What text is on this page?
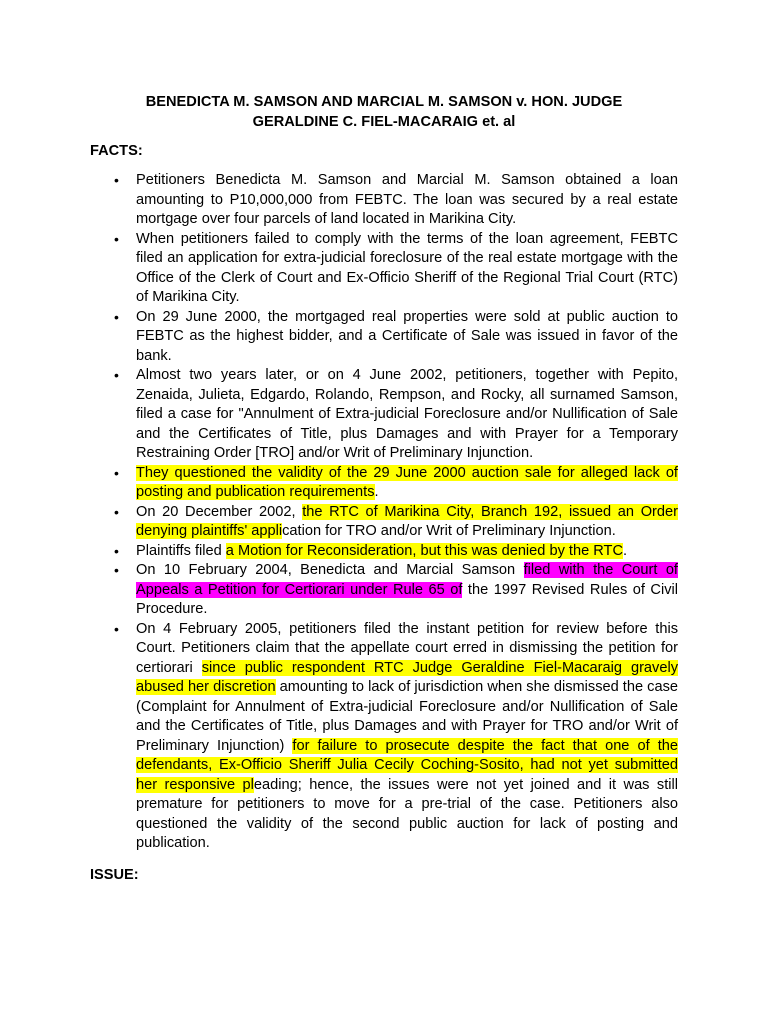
BENEDICTA M. SAMSON AND MARCIAL M. SAMSON v. HON. JUDGE
GERALDINE C. FIEL-MACARAIG et. al
FACTS:
• Petitioners Benedicta M. Samson and Marcial M. Samson obtained a loan amounting to P10,000,000 from FEBTC. The loan was secured by a real estate mortgage over four parcels of land located in Marikina City.
• When petitioners failed to comply with the terms of the loan agreement, FEBTC filed an application for extra-judicial foreclosure of the real estate mortgage with the Office of the Clerk of Court and Ex-Officio Sheriff of the Regional Trial Court (RTC) of Marikina City.
• On 29 June 2000, the mortgaged real properties were sold at public auction to FEBTC as the highest bidder, and a Certificate of Sale was issued in favor of the bank.
• Almost two years later, or on 4 June 2002, petitioners, together with Pepito, Zenaida, Julieta, Edgardo, Rolando, Rempson, and Rocky, all surnamed Samson, filed a case for "Annulment of Extra-judicial Foreclosure and/or Nullification of Sale and the Certificates of Title, plus Damages and with Prayer for a Temporary Restraining Order [TRO] and/or Writ of Preliminary Injunction.
• They questioned the validity of the 29 June 2000 auction sale for alleged lack of posting and publication requirements.
• On 20 December 2002, the RTC of Marikina City, Branch 192, issued an Order denying plaintiffs' application for TRO and/or Writ of Preliminary Injunction.
• Plaintiffs filed a Motion for Reconsideration, but this was denied by the RTC.
• On 10 February 2004, Benedicta and Marcial Samson filed with the Court of Appeals a Petition for Certiorari under Rule 65 of the 1997 Revised Rules of Civil Procedure.
• On 4 February 2005, petitioners filed the instant petition for review before this Court. Petitioners claim that the appellate court erred in dismissing the petition for certiorari since public respondent RTC Judge Geraldine Fiel-Macaraig gravely abused her discretion amounting to lack of jurisdiction when she dismissed the case (Complaint for Annulment of Extra-judicial Foreclosure and/or Nullification of Sale and the Certificates of Title, plus Damages and with Prayer for TRO and/or Writ of Preliminary Injunction) for failure to prosecute despite the fact that one of the defendants, Ex-Officio Sheriff Julia Cecily Coching-Sosito, had not yet submitted her responsive pleading; hence, the issues were not yet joined and it was still premature for petitioners to move for a pre-trial of the case. Petitioners also questioned the validity of the second public auction for lack of posting and publication.
ISSUE:
